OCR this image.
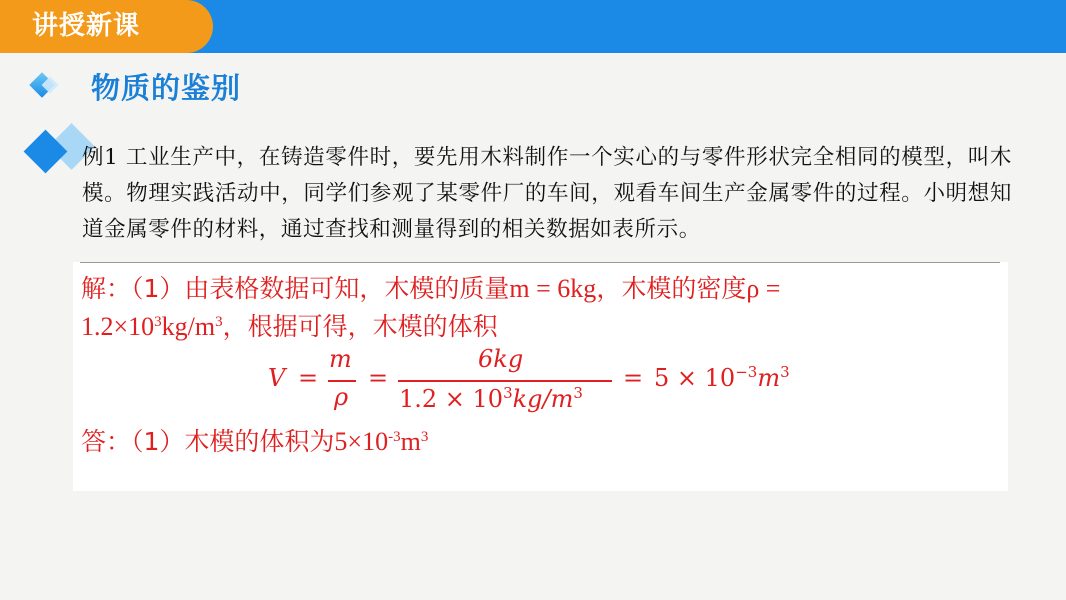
讲授新课
物质的鉴别
例1 工业生产中，在铸造零件时，要先用木料制作一个实心的与零件形状完全相同的模型，叫木模。物理实践活动中，同学们参观了某零件厂的车间，观看车间生产金属零件的过程。小明想知道金属零件的材料，通过查找和测量得到的相关数据如表所示。
解：（1）由表格数据可知，木模的质量m = 6kg，木模的密度ρ =
$1.2\times 10^3kg/m^3$，根据可得，木模的体积
V =
m
ρ
=
6kg
$1.2 \times 10^3kg/m^3$
= $5 \times 10^{-3}m^3$
答：（1）木模的体积为$5\times 10^{-3}m^3$
